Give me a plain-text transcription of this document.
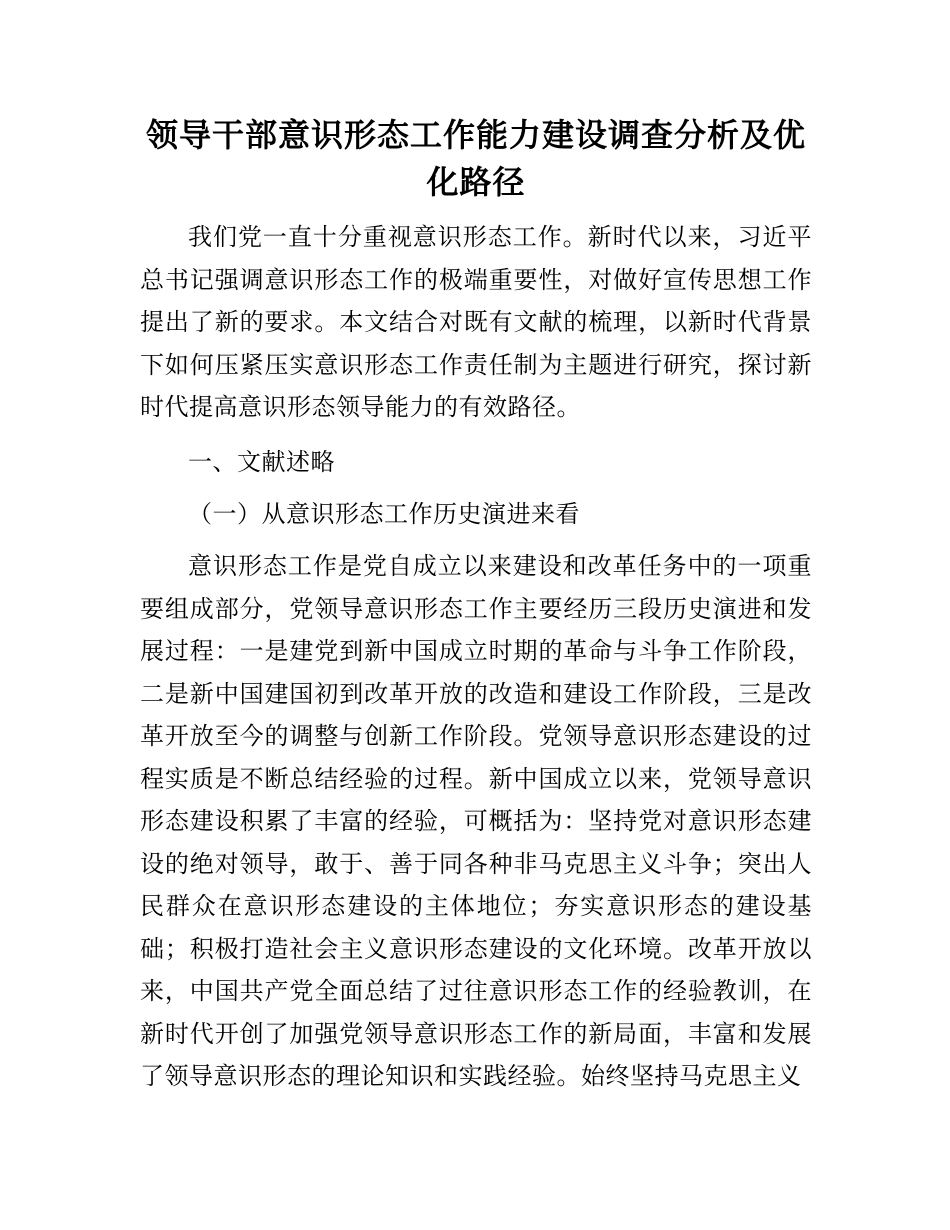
领导干部意识形态工作能力建设调查分析及优化路径

我们党一直十分重视意识形态工作。新时代以来，习近平总书记强调意识形态工作的极端重要性，对做好宣传思想工作提出了新的要求。本文结合对既有文献的梳理，以新时代背景下如何压紧压实意识形态工作责任制为主题进行研究，探讨新时代提高意识形态领导能力的有效路径。

一、文献述略

（一）从意识形态工作历史演进来看

意识形态工作是党自成立以来建设和改革任务中的一项重要组成部分，党领导意识形态工作主要经历三段历史演进和发展过程：一是建党到新中国成立时期的革命与斗争工作阶段，二是新中国建国初到改革开放的改造和建设工作阶段，三是改革开放至今的调整与创新工作阶段。党领导意识形态建设的过程实质是不断总结经验的过程。新中国成立以来，党领导意识形态建设积累了丰富的经验，可概括为：坚持党对意识形态建设的绝对领导，敢于、善于同各种非马克思主义斗争；突出人民群众在意识形态建设的主体地位；夯实意识形态的建设基础；积极打造社会主义意识形态建设的文化环境。改革开放以来，中国共产党全面总结了过往意识形态工作的经验教训，在新时代开创了加强党领导意识形态工作的新局面，丰富和发展了领导意识形态的理论知识和实践经验。始终坚持马克思主义
